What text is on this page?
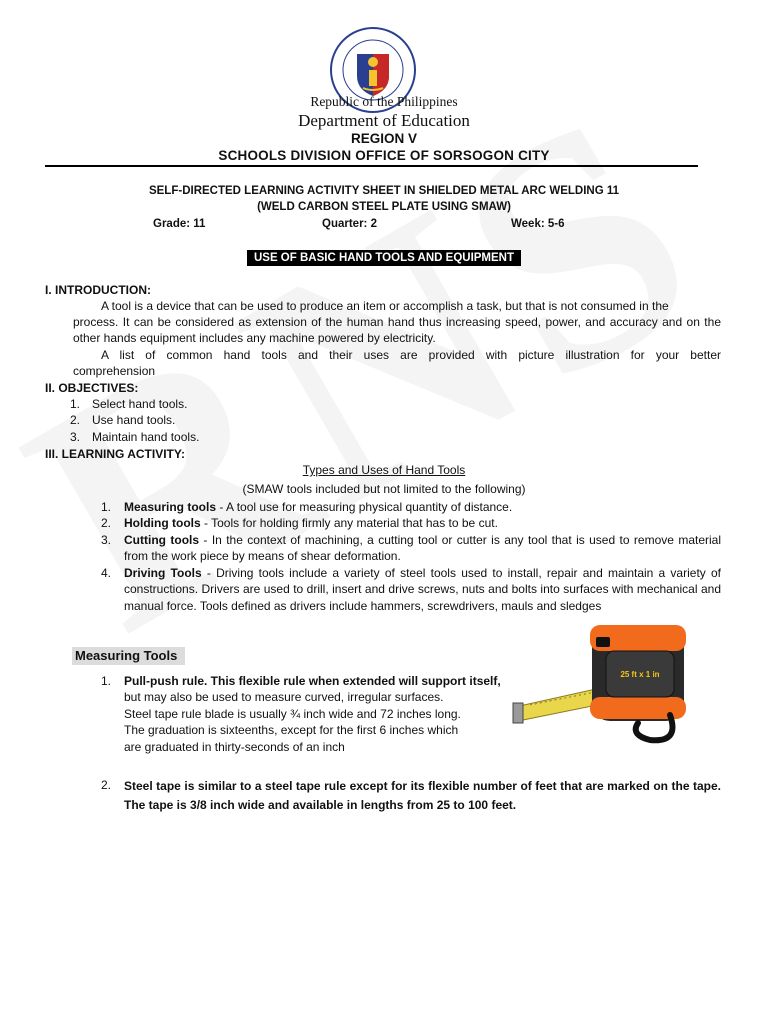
Republic of the Philippines
Department of Education
REGION V
SCHOOLS DIVISION OFFICE OF SORSOGON CITY
SELF-DIRECTED LEARNING ACTIVITY SHEET IN SHIELDED METAL ARC WELDING 11
(WELD CARBON STEEL PLATE USING SMAW)
Grade: 11	Quarter: 2	Week: 5-6
USE OF BASIC HAND TOOLS AND EQUIPMENT
I. INTRODUCTION:
A tool is a device that can be used to produce an item or accomplish a task, but that is not consumed in the
process. It can be considered as extension of the human hand thus increasing speed, power, and accuracy and on the other hands equipment includes any machine powered by electricity.
A list of common hand tools and their uses are provided with picture illustration for your better
comprehension
II. OBJECTIVES:
1. Select hand tools.
2. Use hand tools.
3. Maintain hand tools.
III. LEARNING ACTIVITY:
Types and Uses of Hand Tools
(SMAW tools included but not limited to the following)
1. Measuring tools - A tool use for measuring physical quantity of distance.
2. Holding tools - Tools for holding firmly any material that has to be cut.
3. Cutting tools - In the context of machining, a cutting tool or cutter is any tool that is used to remove material from the work piece by means of shear deformation.
4. Driving Tools - Driving tools include a variety of steel tools used to install, repair and maintain a variety of constructions. Drivers are used to drill, insert and drive screws, nuts and bolts into surfaces with mechanical and manual force. Tools defined as drivers include hammers, screwdrivers, mauls and sledges
Measuring Tools
1. Pull-push rule. This flexible rule when extended will support itself,
but may also be used to measure curved, irregular surfaces.
Steel tape rule blade is usually ¾ inch wide and 72 inches long.
The graduation is sixteenths, except for the first 6 inches which
are graduated in thirty-seconds of an inch
2. Steel tape is similar to a steel tape rule except for its flexible number of feet that are marked on the tape. The tape is 3/8 inch wide and available in lengths from 25 to 100 feet.
25 ft x 1 in
